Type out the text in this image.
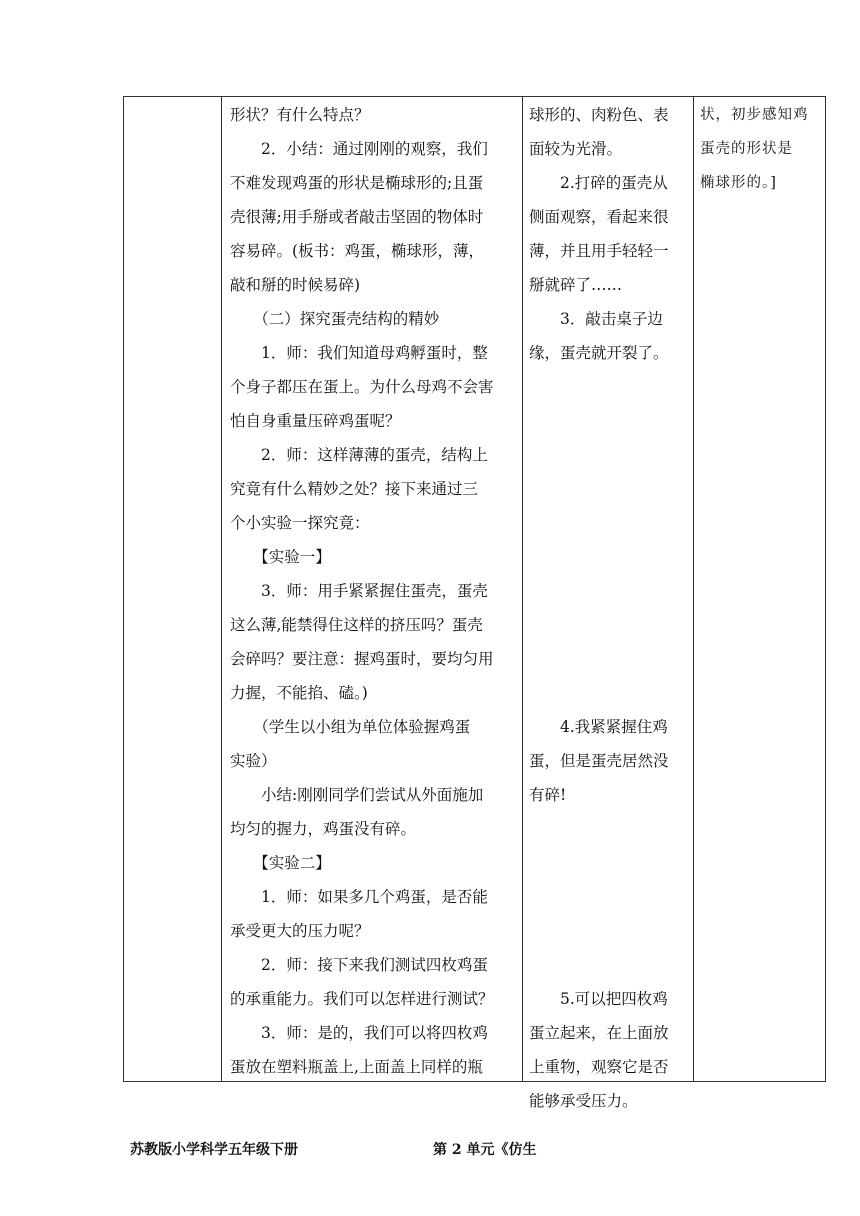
形状？有什么特点？
　　2．小结：通过刚刚的观察，我们
不难发现鸡蛋的形状是椭球形的;且蛋
壳很薄;用手掰或者敲击坚固的物体时
容易碎。(板书：鸡蛋，椭球形，薄，
敲和掰的时候易碎)
　　（二）探究蛋壳结构的精妙
　　1．师：我们知道母鸡孵蛋时，整
个身子都压在蛋上。为什么母鸡不会害
怕自身重量压碎鸡蛋呢？
　　2．师：这样薄薄的蛋壳，结构上
究竟有什么精妙之处？接下来通过三
个小实验一探究竟：
　　【实验一】
　　3．师：用手紧紧握住蛋壳，蛋壳
这么薄,能禁得住这样的挤压吗？蛋壳
会碎吗？要注意：握鸡蛋时，要均匀用
力握，不能掐、磕。)
　　（学生以小组为单位体验握鸡蛋
实验）
　　小结:刚刚同学们尝试从外面施加
均匀的握力，鸡蛋没有碎。
　　【实验二】
　　1．师：如果多几个鸡蛋，是否能
承受更大的压力呢？
　　2．师：接下来我们测试四枚鸡蛋
的承重能力。我们可以怎样进行测试？
　　3．师：是的，我们可以将四枚鸡
蛋放在塑料瓶盖上,上面盖上同样的瓶
球形的、肉粉色、表
面较为光滑。
　　2.打碎的蛋壳从
侧面观察，看起来很
薄，并且用手轻轻一
掰就碎了……
　　3．敲击桌子边
缘，蛋壳就开裂了。
　　4.我紧紧握住鸡
蛋，但是蛋壳居然没
有碎!
　　5.可以把四枚鸡
蛋立起来，在上面放
上重物，观察它是否
能够承受压力。
状，初步感知鸡
蛋壳的形状是
椭球形的。]
苏教版小学科学五年级下册	第 2 单元《仿生
